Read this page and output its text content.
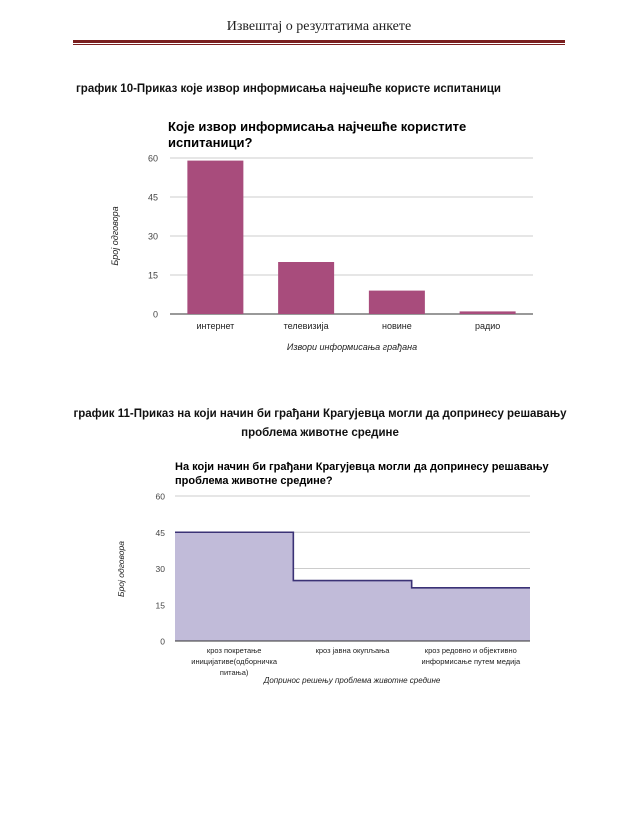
Извештај о резултатима анкете
график 10-Приказ које извор информисања најчешће користе испитаници
Које извор информисања најчешће користите
испитаници?
0
15
30
45
60
интернет	телевизија	новине	радио
Извори информисања грађана
Број одговора
график 11-Приказ на који начин би грађани Крагујевца могли да допринесу решавању
проблема животне средине
На који начин би грађани Крагујевца могли да допринесу решавању
проблема животне средине?
0
15
30
45
60
кроз покретање
иницијативе(одборничка
питања)
кроз јавна окупљања	кроз редовно и објективно
информисање путем медија
Допринос решењу проблема животне средине
Број одговора
